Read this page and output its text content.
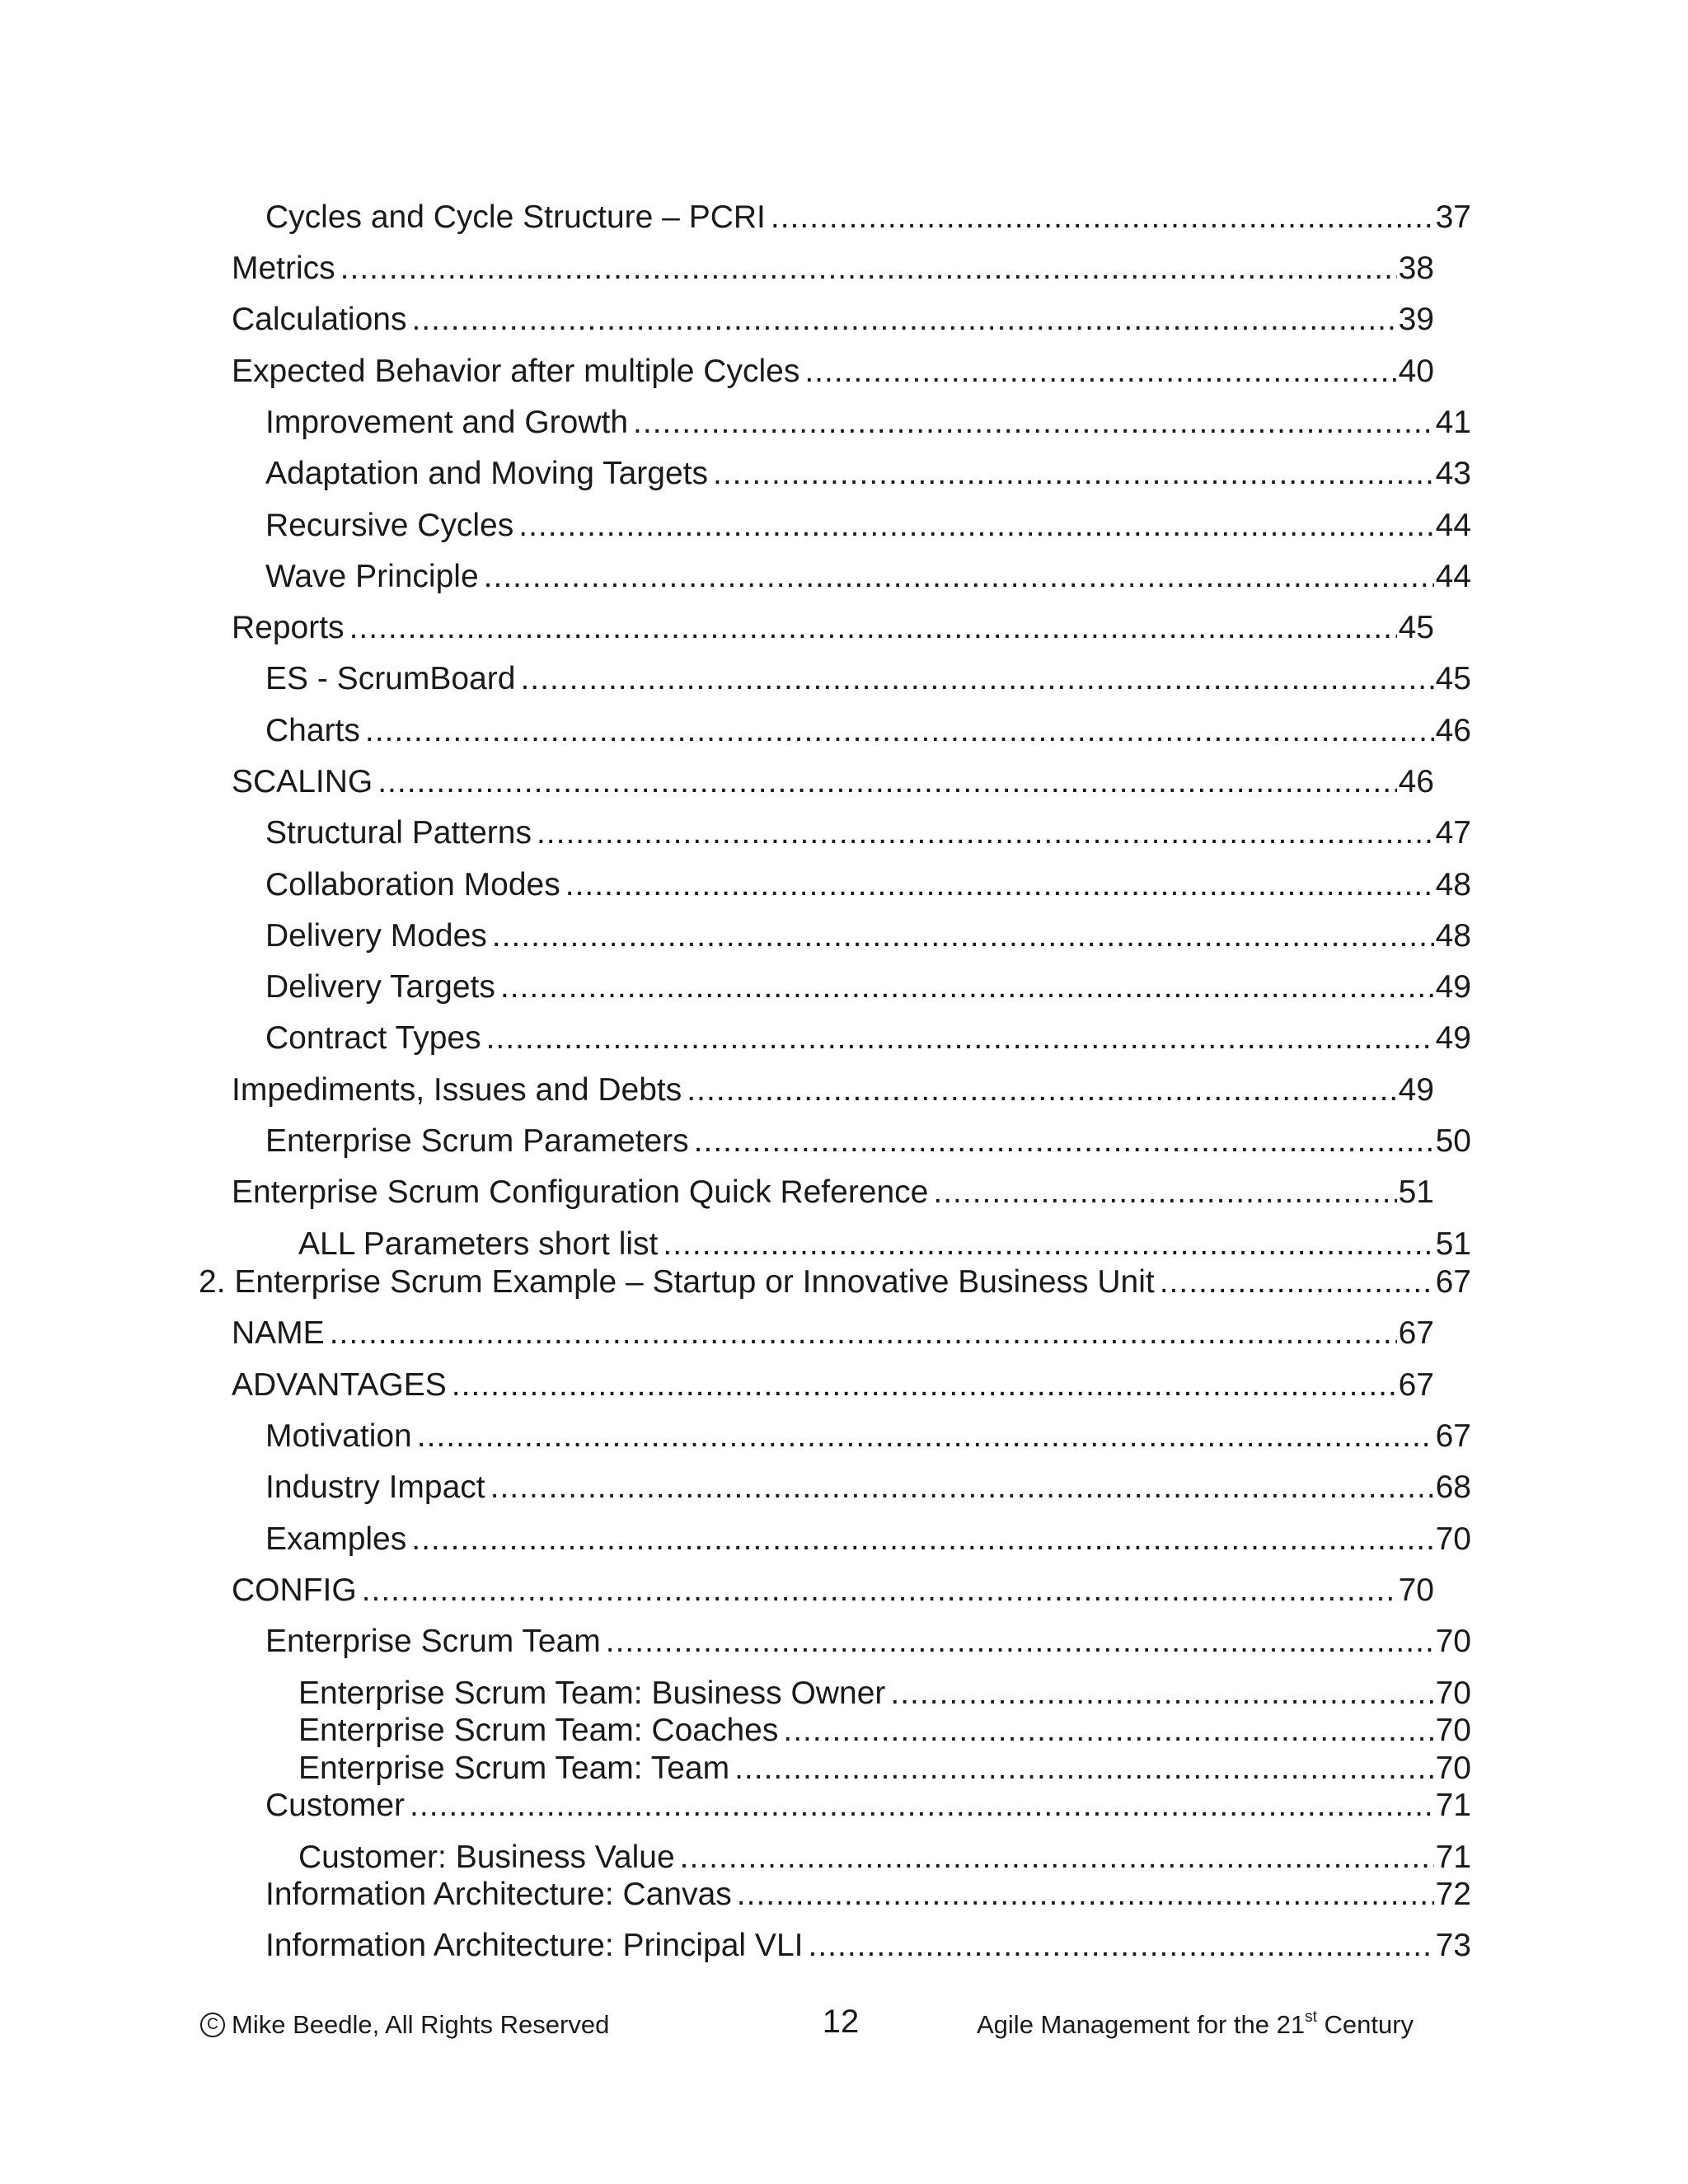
Cycles and Cycle Structure – PCRI .....	37
Metrics .....	38
Calculations .....	39
Expected Behavior after multiple Cycles .....	40
Improvement and Growth .....	41
Adaptation and Moving Targets .....	43
Recursive Cycles .....	44
Wave Principle .....	44
Reports .....	45
ES - ScrumBoard .....	45
Charts .....	46
SCALING .....	46
Structural Patterns .....	47
Collaboration Modes .....	48
Delivery Modes .....	48
Delivery Targets .....	49
Contract Types .....	49
Impediments, Issues and Debts .....	49
Enterprise Scrum Parameters .....	50
Enterprise Scrum Configuration Quick Reference .....	51
ALL Parameters short list .....	51
2. Enterprise Scrum Example – Startup or Innovative Business Unit .....	67
NAME .....	67
ADVANTAGES .....	67
Motivation .....	67
Industry Impact .....	68
Examples .....	70
CONFIG .....	70
Enterprise Scrum Team .....	70
Enterprise Scrum Team: Business Owner .....	70
Enterprise Scrum Team: Coaches .....	70
Enterprise Scrum Team: Team .....	70
Customer .....	71
Customer: Business Value .....	71
Information Architecture: Canvas .....	72
Information Architecture: Principal VLI .....	73
C Mike Beedle, All Rights Reserved	12	Agile Management for the 21st Century
